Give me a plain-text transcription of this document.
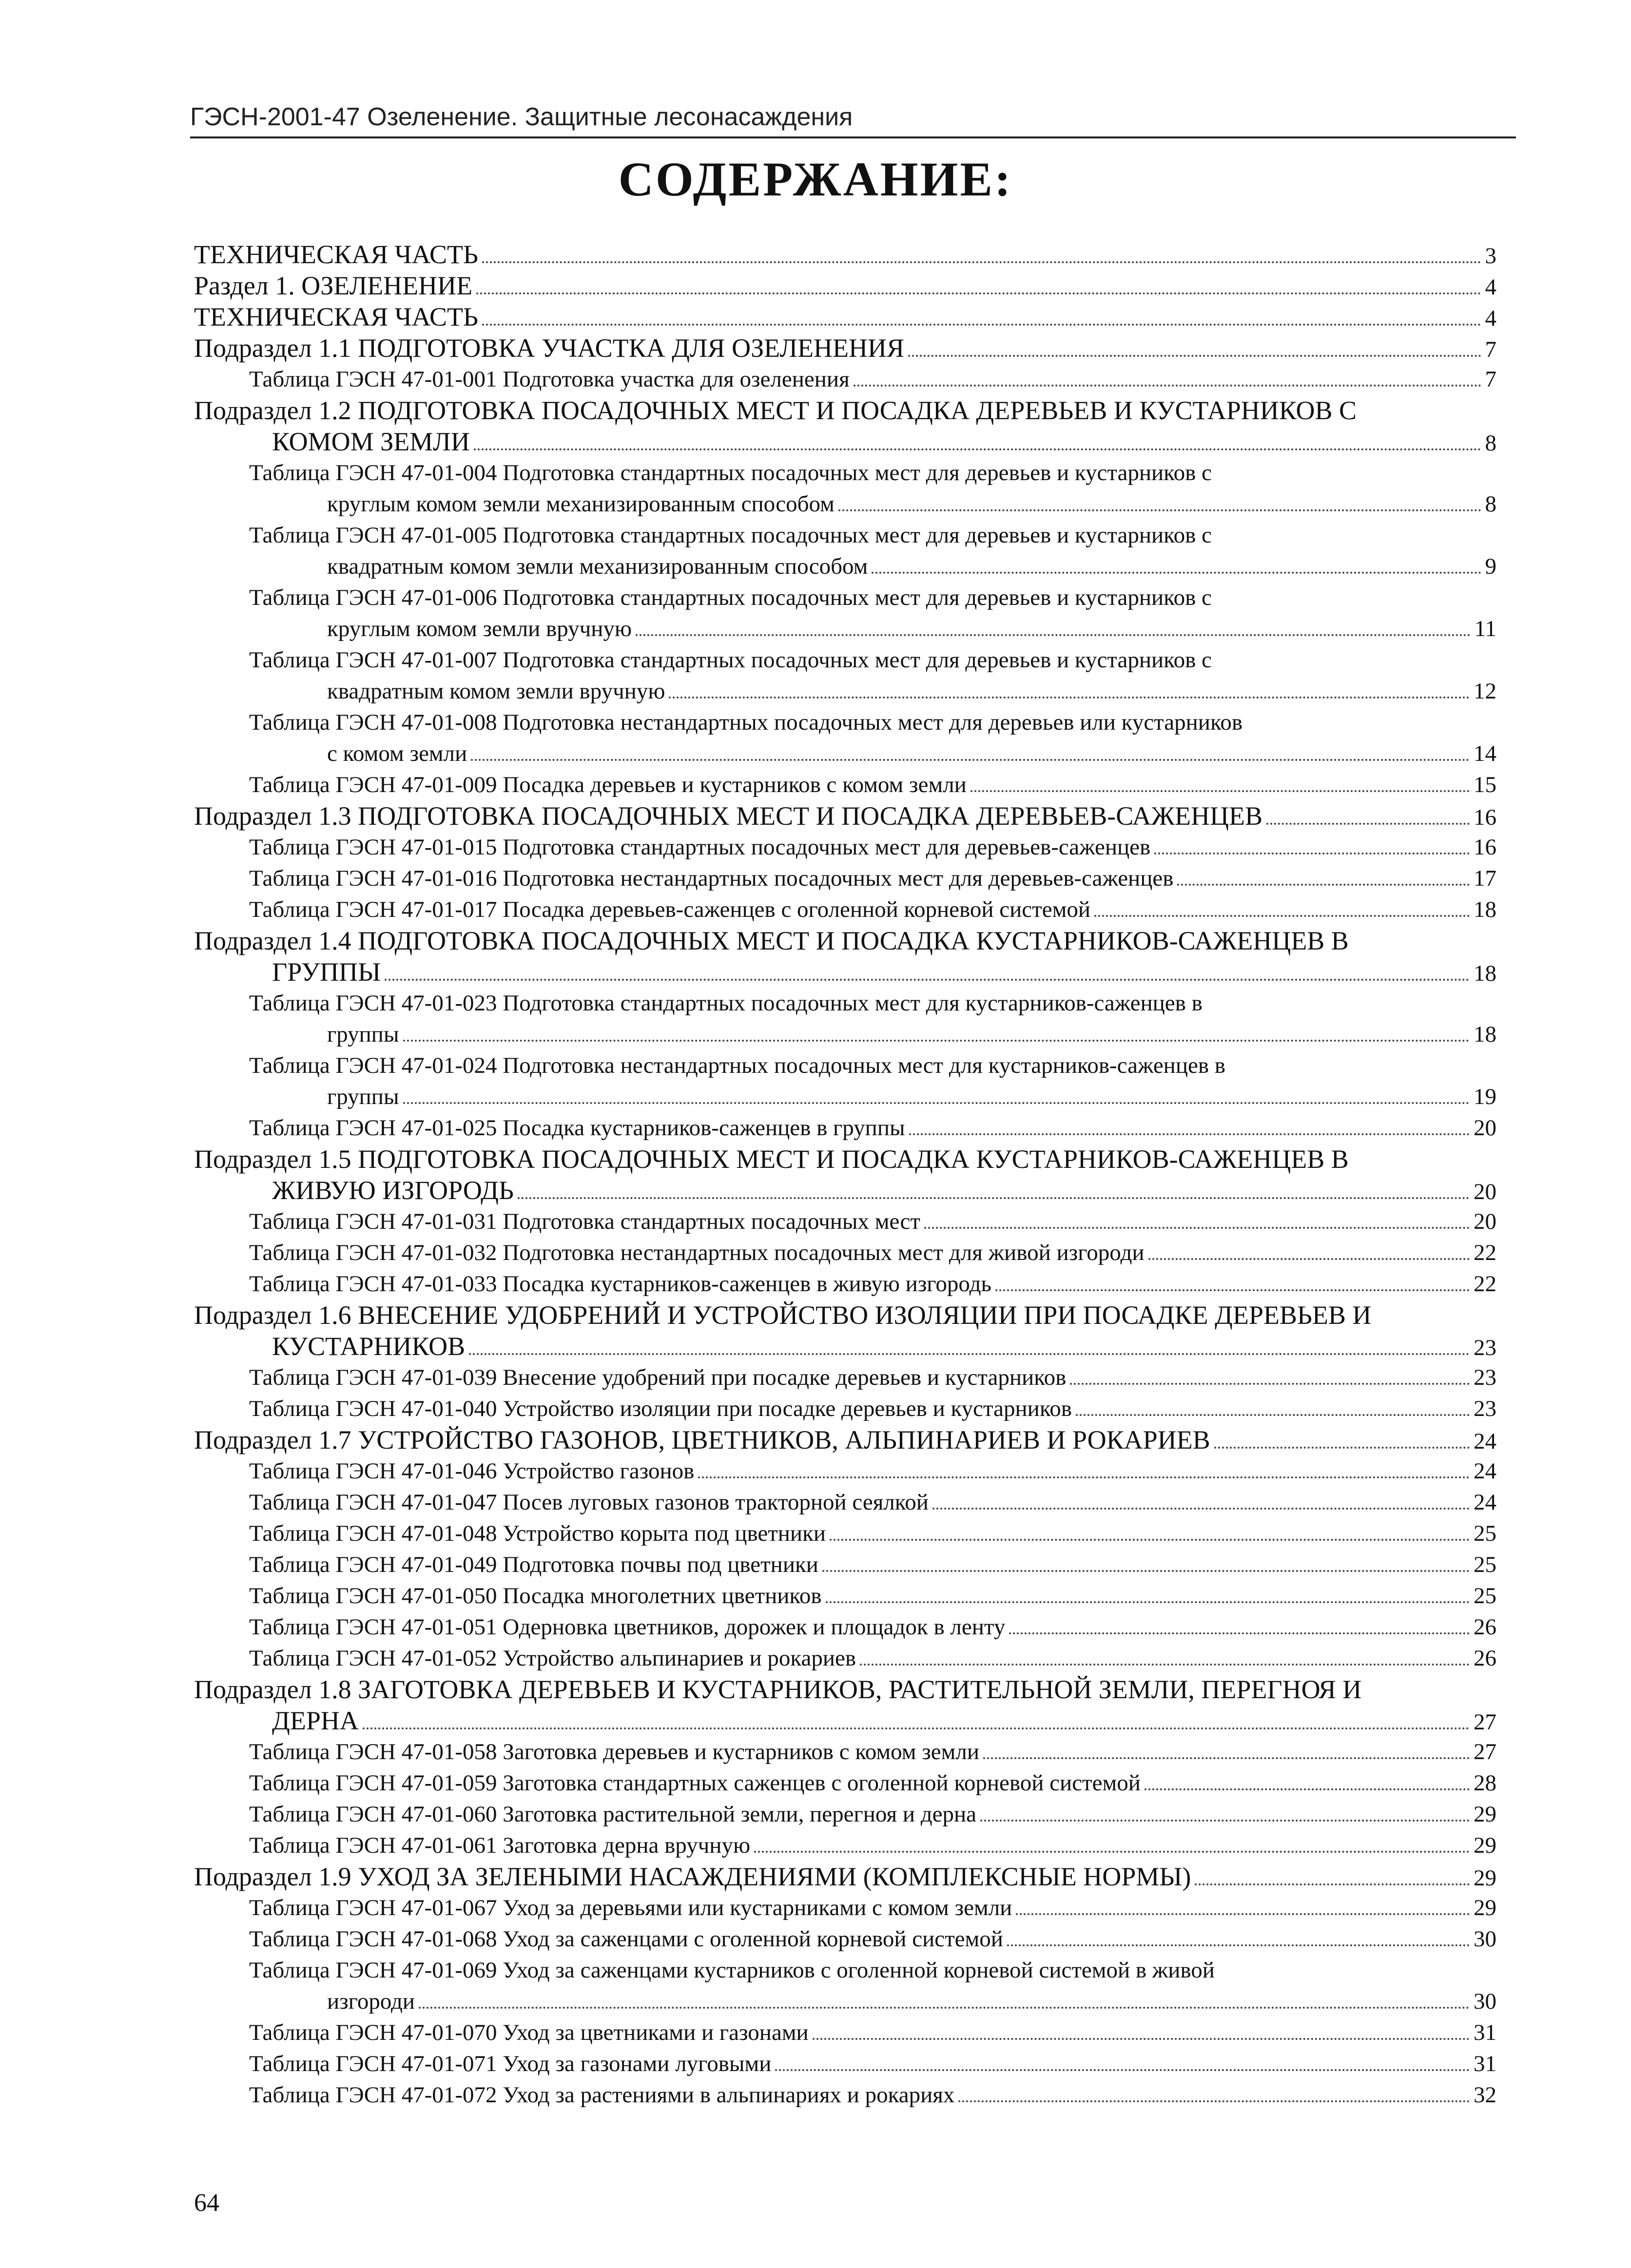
ГЭСН-2001-47 Озеленение. Защитные лесонасаждения
СОДЕРЖАНИЕ:
ТЕХНИЧЕСКАЯ ЧАСТЬ	3
Раздел 1. ОЗЕЛЕНЕНИЕ	4
ТЕХНИЧЕСКАЯ ЧАСТЬ	4
Подраздел 1.1 ПОДГОТОВКА УЧАСТКА ДЛЯ ОЗЕЛЕНЕНИЯ	7
Таблица ГЭСН 47-01-001 Подготовка участка для озеленения	7
Подраздел 1.2 ПОДГОТОВКА ПОСАДОЧНЫХ МЕСТ И ПОСАДКА ДЕРЕВЬЕВ И КУСТАРНИКОВ С
КОМОМ ЗЕМЛИ	8
Таблица ГЭСН 47-01-004 Подготовка стандартных посадочных мест для деревьев и кустарников с
круглым комом земли механизированным способом	8
Таблица ГЭСН 47-01-005 Подготовка стандартных посадочных мест для деревьев и кустарников с
квадратным комом земли механизированным способом	9
Таблица ГЭСН 47-01-006 Подготовка стандартных посадочных мест для деревьев и кустарников с
круглым комом земли вручную	11
Таблица ГЭСН 47-01-007 Подготовка стандартных посадочных мест для деревьев и кустарников с
квадратным комом земли вручную	12
Таблица ГЭСН 47-01-008 Подготовка нестандартных посадочных мест для деревьев или кустарников
с комом земли	14
Таблица ГЭСН 47-01-009 Посадка деревьев и кустарников с комом земли	15
Подраздел 1.3 ПОДГОТОВКА ПОСАДОЧНЫХ МЕСТ И ПОСАДКА ДЕРЕВЬЕВ-САЖЕНЦЕВ	16
Таблица ГЭСН 47-01-015 Подготовка стандартных посадочных мест для деревьев-саженцев	16
Таблица ГЭСН 47-01-016 Подготовка нестандартных посадочных мест для деревьев-саженцев	17
Таблица ГЭСН 47-01-017 Посадка деревьев-саженцев с оголенной корневой системой	18
Подраздел 1.4 ПОДГОТОВКА ПОСАДОЧНЫХ МЕСТ И ПОСАДКА КУСТАРНИКОВ-САЖЕНЦЕВ В
ГРУППЫ	18
Таблица ГЭСН 47-01-023 Подготовка стандартных посадочных мест для кустарников-саженцев в
группы	18
Таблица ГЭСН 47-01-024 Подготовка нестандартных посадочных мест для кустарников-саженцев в
группы	19
Таблица ГЭСН 47-01-025 Посадка кустарников-саженцев в группы	20
Подраздел 1.5 ПОДГОТОВКА ПОСАДОЧНЫХ МЕСТ И ПОСАДКА КУСТАРНИКОВ-САЖЕНЦЕВ В
ЖИВУЮ ИЗГОРОДЬ	20
Таблица ГЭСН 47-01-031 Подготовка стандартных посадочных мест	20
Таблица ГЭСН 47-01-032 Подготовка нестандартных посадочных мест для живой изгороди	22
Таблица ГЭСН 47-01-033 Посадка кустарников-саженцев в живую изгородь	22
Подраздел 1.6 ВНЕСЕНИЕ УДОБРЕНИЙ И УСТРОЙСТВО ИЗОЛЯЦИИ ПРИ ПОСАДКЕ ДЕРЕВЬЕВ И
КУСТАРНИКОВ	23
Таблица ГЭСН 47-01-039 Внесение удобрений при посадке деревьев и кустарников	23
Таблица ГЭСН 47-01-040 Устройство изоляции при посадке деревьев и кустарников	23
Подраздел 1.7 УСТРОЙСТВО ГАЗОНОВ, ЦВЕТНИКОВ, АЛЬПИНАРИЕВ И РОКАРИЕВ	24
Таблица ГЭСН 47-01-046 Устройство газонов	24
Таблица ГЭСН 47-01-047 Посев луговых газонов тракторной сеялкой	24
Таблица ГЭСН 47-01-048 Устройство корыта под цветники	25
Таблица ГЭСН 47-01-049 Подготовка почвы под цветники	25
Таблица ГЭСН 47-01-050 Посадка многолетних цветников	25
Таблица ГЭСН 47-01-051 Одерновка цветников, дорожек и площадок в ленту	26
Таблица ГЭСН 47-01-052 Устройство альпинариев и рокариев	26
Подраздел 1.8 ЗАГОТОВКА ДЕРЕВЬЕВ И КУСТАРНИКОВ, РАСТИТЕЛЬНОЙ ЗЕМЛИ, ПЕРЕГНОЯ И
ДЕРНА	27
Таблица ГЭСН 47-01-058 Заготовка деревьев и кустарников с комом земли	27
Таблица ГЭСН 47-01-059 Заготовка стандартных саженцев с оголенной корневой системой	28
Таблица ГЭСН 47-01-060 Заготовка растительной земли, перегноя и дерна	29
Таблица ГЭСН 47-01-061 Заготовка дерна вручную	29
Подраздел 1.9 УХОД ЗА ЗЕЛЕНЫМИ НАСАЖДЕНИЯМИ (КОМПЛЕКСНЫЕ НОРМЫ)	29
Таблица ГЭСН 47-01-067 Уход за деревьями или кустарниками с комом земли	29
Таблица ГЭСН 47-01-068 Уход за саженцами с оголенной корневой системой	30
Таблица ГЭСН 47-01-069 Уход за саженцами кустарников с оголенной корневой системой в живой
изгороди	30
Таблица ГЭСН 47-01-070 Уход за цветниками и газонами	31
Таблица ГЭСН 47-01-071 Уход за газонами луговыми	31
Таблица ГЭСН 47-01-072 Уход за растениями в альпинариях и рокариях	32
64
